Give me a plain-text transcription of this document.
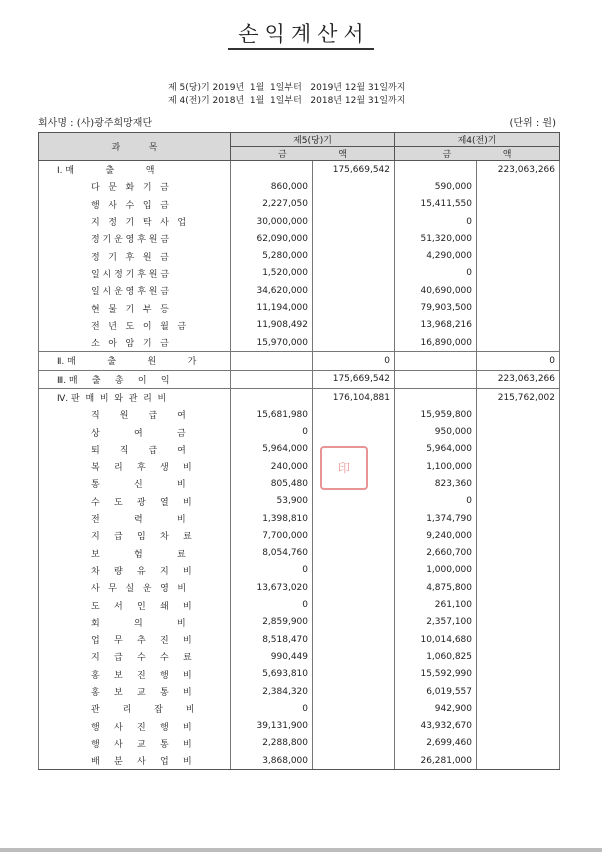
손익계산서
제 5(당)기 2019년  1월  1일부터   2019년 12월 31일까지
제 4(전)기 2018년  1월  1일부터   2018년 12월 31일까지
회사명 : (사)광주희망재단	(단위 : 원)
과          목	제5(당)기		제4(전)기	
	금                  액		금                  액	

Ⅰ. 매           출           액		175,669,542		223,063,266

다   문   화   기   금	860,000		590,000	

행   사   수   입   금	2,227,050		15,411,550	

지   정   기   탁   사   업	30,000,000		0	

정 기 운 영 후 원 금	62,090,000		51,320,000	

정   기   후   원   금	5,280,000		4,290,000	

일 시 정 기 후 원 금	1,520,000		0	

일 시 운 영 후 원 금	34,620,000		40,690,000	

현   물   기   부   등	11,194,000		79,903,500	

전   년   도   이   월   금	11,908,492		13,968,216	

소   아   암   기   금	15,970,000		16,890,000	

Ⅱ. 매           출           원           가		0		0

Ⅲ. 매     출     총     이     익		175,669,542		223,063,266

Ⅳ. 판  매  비  와  관  리  비		176,104,881		215,762,002

직       원       급       여	15,681,980		15,959,800	

상            여            금	0		950,000	

퇴       직       급       여	5,964,000		5,964,000	

복     리     후     생     비	240,000		1,100,000	

통            신            비	805,480		823,360	

수     도     광     열     비	53,900		0	

전            력            비	1,398,810		1,374,790	

지     급     임     차     료	7,700,000		9,240,000	

보            험            료	8,054,760		2,660,700	

차     량     유     지     비	0		1,000,000	

사   무   실   운   영   비	13,673,020		4,875,800	

도     서     인     쇄     비	0		261,100	

회            의            비	2,859,900		2,357,100	

업     무     추     진     비	8,518,470		10,014,680	

지     급     수     수     료	990,449		1,060,825	

홍     보     진     행     비	5,693,810		15,592,990	

홍     보     교     통     비	2,384,320		6,019,557	

관        리        잡        비	0		942,900	

행     사     진     행     비	39,131,900		43,932,670	

행     사     교     통     비	2,288,800		2,699,460	

배     분     사     업     비	3,868,000		26,281,000	
印
